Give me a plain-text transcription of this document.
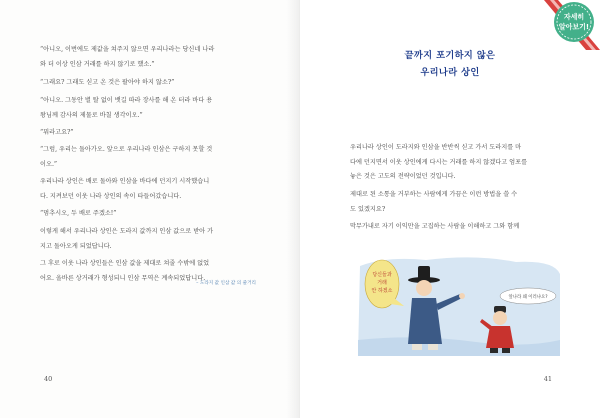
“아니오, 이번에도 제값을 쳐주지 않으면 우리나라는 당신네 나라

와 더 이상 인삼 거래를 하지 않기로 했소.”

“그래요? 그래도 싣고 온 것은 팔아야 하지 않소?”

“아니오. 그동안 별 탈 없이 뱃길 따라 장사를 해 온 터라 바다 용

왕님께 감사의 제물로 바칠 생각이오.”

“뭐라고요?”

“그럼, 우리는 돌아가오. 앞으로 우리나라 인삼은 구하지 못할 것

이오.”

우리나라 상인은 배로 돌아와 인삼을 바다에 던지기 시작했습니

다. 지켜보던 이웃 나라 상인의 속이 타들어갔습니다.

“멈추시오, 두 배로 주겠소!”

이렇게 해서 우리나라 상인은 도라지 값까지 인삼 값으로 받아 가

지고 돌아오게 되었답니다.

그 후로 이웃 나라 상인들은 인삼 값을 제대로 쳐줄 수밖에 없었

어요. 올바른 상거래가 형성되니 인삼 무역은 계속되었답니다.

– 도라지 값 인삼 값 의 줄거리

40
끝까지 포기하지 않은
우리나라 상인

우리나라 상인이 도라지와 인삼을 반반씩 싣고 가서 도라지를 마

다에 던지면서 이웃 상인에게 다시는 거래를 하지 않겠다고 엄포를

놓은 것은 고도의 전략이었던 것입니다.

제대로 된 소통을 거부하는 사람에게 가끔은 이런 방법을 쓸 수

도 있겠지요?

막무가내로 자기 이익만을 고집하는 사람을 이해하고 그와 함께

41
자세히
알아보기!
당신들과
거래
안 하겠소
앞나라 왜 이러냐요?
